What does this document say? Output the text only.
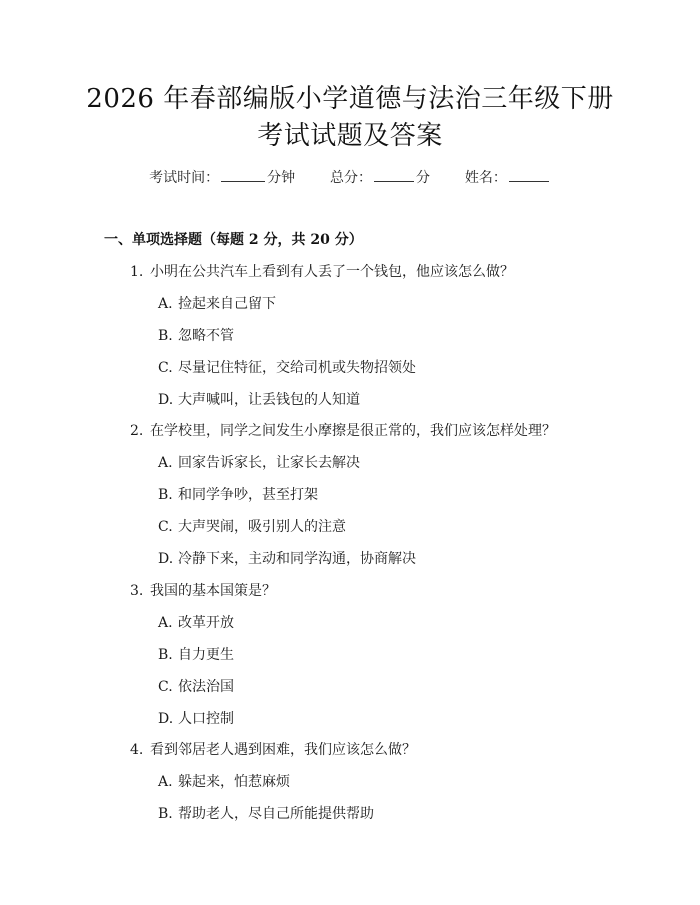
2026 年春部编版小学道德与法治三年级下册
考试试题及答案
考试时间：	分钟 总分：	分 姓名：
一、单项选择题（每题 2 分，共 20 分）
1. 小明在公共汽车上看到有人丢了一个钱包，他应该怎么做？
A. 捡起来自己留下
B. 忽略不管
C. 尽量记住特征，交给司机或失物招领处
D. 大声喊叫，让丢钱包的人知道
2. 在学校里，同学之间发生小摩擦是很正常的，我们应该怎样处理？
A. 回家告诉家长，让家长去解决
B. 和同学争吵，甚至打架
C. 大声哭闹，吸引别人的注意
D. 冷静下来，主动和同学沟通，协商解决
3. 我国的基本国策是？
A. 改革开放
B. 自力更生
C. 依法治国
D. 人口控制
4. 看到邻居老人遇到困难，我们应该怎么做？
A. 躲起来，怕惹麻烦
B. 帮助老人，尽自己所能提供帮助
